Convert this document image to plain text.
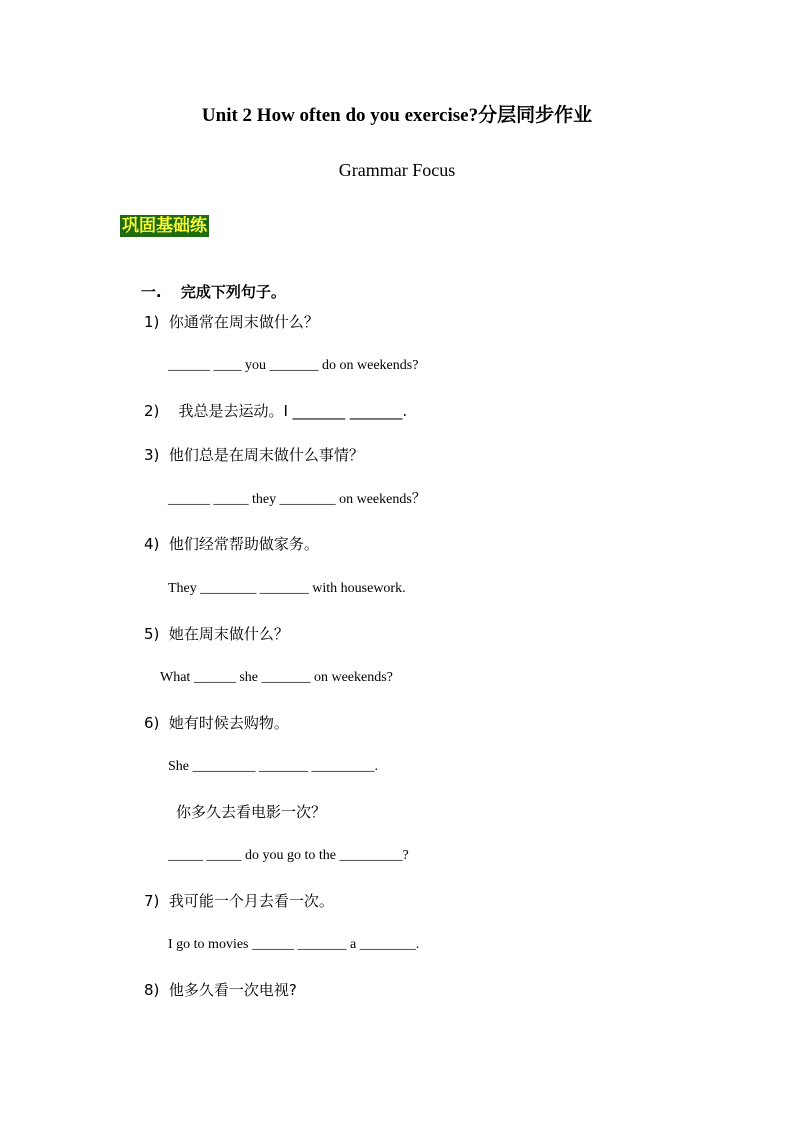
Unit 2 How often do you exercise?分层同步作业
Grammar Focus
巩固基础练

一. 完成下列句子。

1)  你通常在周末做什么？
______ ____ you _______ do on weekends?
2)    我总是去运动。I _______ _______.
3)  他们总是在周末做什么事情？
______ _____ they ________ on weekends？
4)  他们经常帮助做家务。
They ________ _______ with housework.
5)  她在周末做什么？
What ______ she _______ on weekends?
6)  她有时候去购物。
She _________ _______ _________.
你多久去看电影一次？
_____ _____ do you go to the _________?
7)  我可能一个月去看一次。
I go to movies ______ _______ a ________.
8)  他多久看一次电视?
